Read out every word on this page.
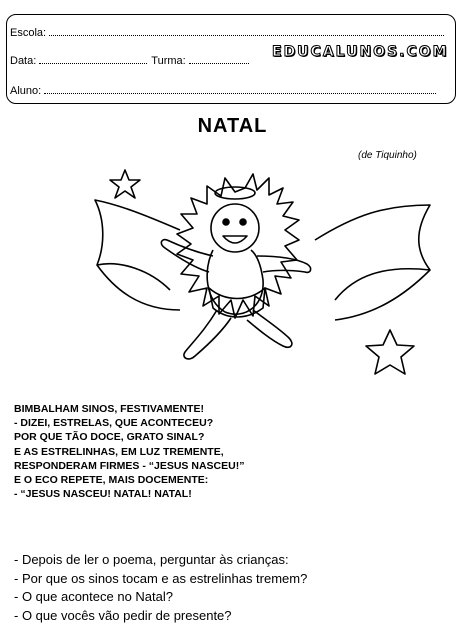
Escola:
Data:	Turma:
EDUCALUNOS.COM
Aluno:
NATAL
(de Tiquinho)
BIMBALHAM SINOS, FESTIVAMENTE!
- DIZEI, ESTRELAS, QUE ACONTECEU?
POR QUE TÃO DOCE, GRATO SINAL?
E AS ESTRELINHAS, EM LUZ TREMENTE,
RESPONDERAM FIRMES - “JESUS NASCEU!”
E O ECO REPETE, MAIS DOCEMENTE:
- “JESUS NASCEU! NATAL! NATAL!
- Depois de ler o poema, perguntar às crianças:
- Por que os sinos tocam e as estrelinhas tremem?
- O que acontece no Natal?
- O que vocês vão pedir de presente?
